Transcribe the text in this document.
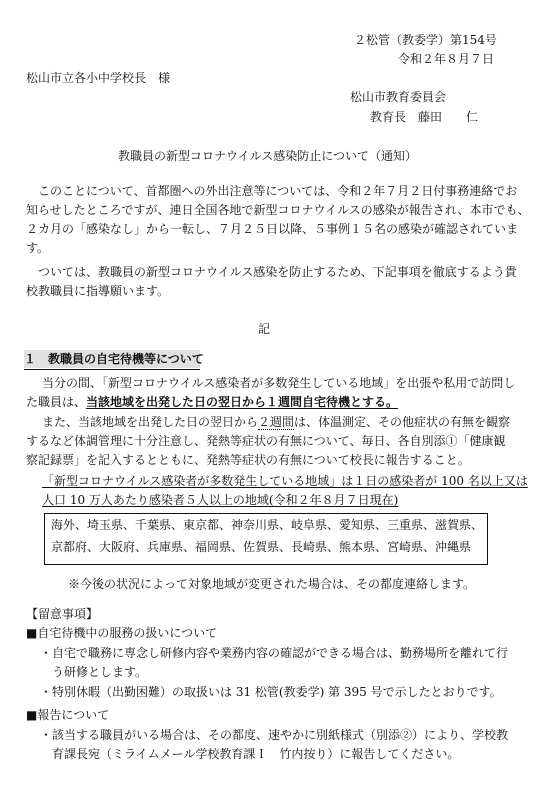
２松管（教委学）第154号
令和２年８月７日
松山市立各小中学校長　様
松山市教育委員会
教育長　藤田　　仁
教職員の新型コロナウイルス感染防止について（通知）
このことについて、首都圏への外出注意等については、令和２年７月２日付事務連絡でお
知らせしたところですが、連日全国各地で新型コロナウイルスの感染が報告され、本市でも、
２カ月の「感染なし」から一転し、７月２５日以降、５事例１５名の感染が確認されていま
す。
ついては、教職員の新型コロナウイルス感染を防止するため、下記事項を徹底するよう貴
校教職員に指導願います。
記
１　教職員の自宅待機等について
当分の間、「新型コロナウイルス感染者が多数発生している地域」を出張や私用で訪問し
た職員は、当該地域を出発した日の翌日から１週間自宅待機とする。
また、当該地域を出発した日の翌日から２週間は、体温測定、その他症状の有無を観察
するなど体調管理に十分注意し、発熱等症状の有無について、毎日、各自別添①「健康観
察記録票」を記入するとともに、発熱等症状の有無について校長に報告すること。
「新型コロナウイルス感染者が多数発生している地域」は１日の感染者が 100 名以上又は
人口 10 万人あたり感染者５人以上の地域(令和２年８月７日現在)
海外、埼玉県、千葉県、東京都、神奈川県、岐阜県、愛知県、三重県、滋賀県、
京都府、大阪府、兵庫県、福岡県、佐賀県、長崎県、熊本県、宮崎県、沖縄県
※今後の状況によって対象地域が変更された場合は、その都度連絡します。
【留意事項】
■自宅待機中の服務の扱いについて
・自宅で職務に専念し研修内容や業務内容の確認ができる場合は、勤務場所を離れて行
う研修とします。
・特別休暇（出勤困難）の取扱いは 31 松管(教委学) 第 395 号で示したとおりです。
■報告について
・該当する職員がいる場合は、その都度、速やかに別紙様式（別添②）により、学校教
育課長宛（ミライムメール学校教育課Ｉ　竹内按り）に報告してください。
